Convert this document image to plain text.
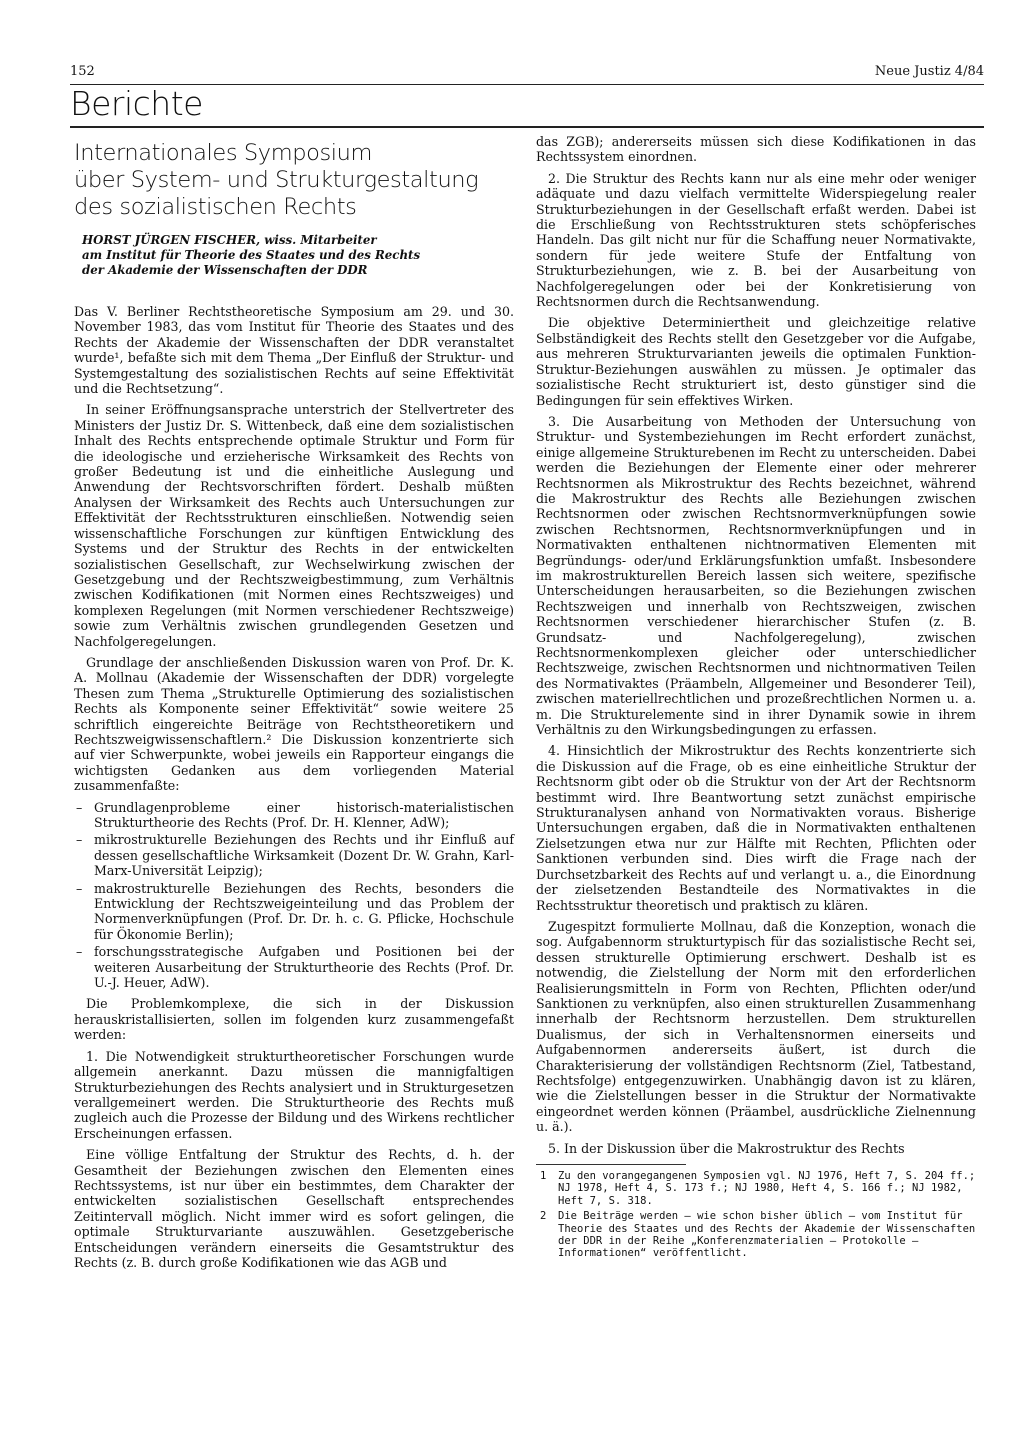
152	Neue Justiz 4/84
Berichte
Internationales Symposium
über System- und Strukturgestaltung
des sozialistischen Rechts
HORST JÜRGEN FISCHER, wiss. Mitarbeiter
am Institut für Theorie des Staates und des Rechts
der Akademie der Wissenschaften der DDR

Das V. Berliner Rechtstheoretische Symposium am 29. und 30. November 1983, das vom Institut für Theorie des Staates und des Rechts der Akademie der Wissenschaften der DDR veranstaltet wurde¹, befaßte sich mit dem Thema „Der Einfluß der Struktur- und Systemgestaltung des sozialistischen Rechts auf seine Effektivität und die Rechtsetzung“.

In seiner Eröffnungsansprache unterstrich der Stellvertreter des Ministers der Justiz Dr. S. Wittenbeck, daß eine dem sozialistischen Inhalt des Rechts entsprechende optimale Struktur und Form für die ideologische und erzieherische Wirksamkeit des Rechts von großer Bedeutung ist und die einheitliche Auslegung und Anwendung der Rechtsvorschriften fördert. Deshalb müßten Analysen der Wirksamkeit des Rechts auch Untersuchungen zur Effektivität der Rechtsstrukturen einschließen. Notwendig seien wissenschaftliche Forschungen zur künftigen Entwicklung des Systems und der Struktur des Rechts in der entwickelten sozialistischen Gesellschaft, zur Wechselwirkung zwischen der Gesetzgebung und der Rechtszweigbestimmung, zum Verhältnis zwischen Kodifikationen (mit Normen eines Rechtszweiges) und komplexen Regelungen (mit Normen verschiedener Rechtszweige) sowie zum Verhältnis zwischen grundlegenden Gesetzen und Nachfolgeregelungen.

Grundlage der anschließenden Diskussion waren von Prof. Dr. K. A. Mollnau (Akademie der Wissenschaften der DDR) vorgelegte Thesen zum Thema „Strukturelle Optimierung des sozialistischen Rechts als Komponente seiner Effektivität“ sowie weitere 25 schriftlich eingereichte Beiträge von Rechtstheoretikern und Rechtszweigwissenschaftlern.² Die Diskussion konzentrierte sich auf vier Schwerpunkte, wobei jeweils ein Rapporteur eingangs die wichtigsten Gedanken aus dem vorliegenden Material zusammenfaßte:

– Grundlagenprobleme einer historisch-materialistischen Strukturtheorie des Rechts (Prof. Dr. H. Klenner, AdW);
– mikrostrukturelle Beziehungen des Rechts und ihr Einfluß auf dessen gesellschaftliche Wirksamkeit (Dozent Dr. W. Grahn, Karl-Marx-Universität Leipzig);
– makrostrukturelle Beziehungen des Rechts, besonders die Entwicklung der Rechtszweigeinteilung und das Problem der Normenverknüpfungen (Prof. Dr. Dr. h. c. G. Pflicke, Hochschule für Ökonomie Berlin);
– forschungsstrategische Aufgaben und Positionen bei der weiteren Ausarbeitung der Strukturtheorie des Rechts (Prof. Dr. U.-J. Heuer, AdW).

Die Problemkomplexe, die sich in der Diskussion herauskristallisierten, sollen im folgenden kurz zusammengefaßt werden:

1. Die Notwendigkeit strukturtheoretischer Forschungen wurde allgemein anerkannt. Dazu müssen die mannigfaltigen Strukturbeziehungen des Rechts analysiert und in Strukturgesetzen verallgemeinert werden. Die Strukturtheorie des Rechts muß zugleich auch die Prozesse der Bildung und des Wirkens rechtlicher Erscheinungen erfassen.

Eine völlige Entfaltung der Struktur des Rechts, d. h. der Gesamtheit der Beziehungen zwischen den Elementen eines Rechtssystems, ist nur über ein bestimmtes, dem Charakter der entwickelten sozialistischen Gesellschaft entsprechendes Zeitintervall möglich. Nicht immer wird es sofort gelingen, die optimale Strukturvariante auszuwählen. Gesetzgeberische Entscheidungen verändern einerseits die Gesamtstruktur des Rechts (z. B. durch große Kodifikationen wie das AGB und

das ZGB); andererseits müssen sich diese Kodifikationen in das Rechtssystem einordnen.

2. Die Struktur des Rechts kann nur als eine mehr oder weniger adäquate und dazu vielfach vermittelte Widerspiegelung realer Strukturbeziehungen in der Gesellschaft erfaßt werden. Dabei ist die Erschließung von Rechtsstrukturen stets schöpferisches Handeln. Das gilt nicht nur für die Schaffung neuer Normativakte, sondern für jede weitere Stufe der Entfaltung von Strukturbeziehungen, wie z. B. bei der Ausarbeitung von Nachfolgeregelungen oder bei der Konkretisierung von Rechtsnormen durch die Rechtsanwendung.

Die objektive Determiniertheit und gleichzeitige relative Selbständigkeit des Rechts stellt den Gesetzgeber vor die Aufgabe, aus mehreren Strukturvarianten jeweils die optimalen Funktion-Struktur-Beziehungen auswählen zu müssen. Je optimaler das sozialistische Recht strukturiert ist, desto günstiger sind die Bedingungen für sein effektives Wirken.

3. Die Ausarbeitung von Methoden der Untersuchung von Struktur- und Systembeziehungen im Recht erfordert zunächst, einige allgemeine Strukturebenen im Recht zu unterscheiden. Dabei werden die Beziehungen der Elemente einer oder mehrerer Rechtsnormen als Mikrostruktur des Rechts bezeichnet, während die Makrostruktur des Rechts alle Beziehungen zwischen Rechtsnormen oder zwischen Rechtsnormverknüpfungen sowie zwischen Rechtsnormen, Rechtsnormverknüpfungen und in Normativakten enthaltenen nichtnormativen Elementen mit Begründungs- oder/und Erklärungsfunktion umfaßt. Insbesondere im makrostrukturellen Bereich lassen sich weitere, spezifische Unterscheidungen herausarbeiten, so die Beziehungen zwischen Rechtszweigen und innerhalb von Rechtszweigen, zwischen Rechtsnormen verschiedener hierarchischer Stufen (z. B. Grundsatz- und Nachfolgeregelung), zwischen Rechtsnormenkomplexen gleicher oder unterschiedlicher Rechtszweige, zwischen Rechtsnormen und nichtnormativen Teilen des Normativaktes (Präambeln, Allgemeiner und Besonderer Teil), zwischen materiellrechtlichen und prozeßrechtlichen Normen u. a. m. Die Strukturelemente sind in ihrer Dynamik sowie in ihrem Verhältnis zu den Wirkungsbedingungen zu erfassen.

4. Hinsichtlich der Mikrostruktur des Rechts konzentrierte sich die Diskussion auf die Frage, ob es eine einheitliche Struktur der Rechtsnorm gibt oder ob die Struktur von der Art der Rechtsnorm bestimmt wird. Ihre Beantwortung setzt zunächst empirische Strukturanalysen anhand von Normativakten voraus. Bisherige Untersuchungen ergaben, daß die in Normativakten enthaltenen Zielsetzungen etwa nur zur Hälfte mit Rechten, Pflichten oder Sanktionen verbunden sind. Dies wirft die Frage nach der Durchsetzbarkeit des Rechts auf und verlangt u. a., die Einordnung der zielsetzenden Bestandteile des Normativaktes in die Rechtsstruktur theoretisch und praktisch zu klären.

Zugespitzt formulierte Mollnau, daß die Konzeption, wonach die sog. Aufgabennorm strukturtypisch für das sozialistische Recht sei, dessen strukturelle Optimierung erschwert. Deshalb ist es notwendig, die Zielstellung der Norm mit den erforderlichen Realisierungsmitteln in Form von Rechten, Pflichten oder/und Sanktionen zu verknüpfen, also einen strukturellen Zusammenhang innerhalb der Rechtsnorm herzustellen. Dem strukturellen Dualismus, der sich in Verhaltensnormen einerseits und Aufgabennormen andererseits äußert, ist durch die Charakterisierung der vollständigen Rechtsnorm (Ziel, Tatbestand, Rechtsfolge) entgegenzuwirken. Unabhängig davon ist zu klären, wie die Zielstellungen besser in die Struktur der Normativakte eingeordnet werden können (Präambel, ausdrückliche Zielnennung u. ä.).

5. In der Diskussion über die Makrostruktur des Rechts

1 Zu den vorangegangenen Symposien vgl. NJ 1976, Heft 7, S. 204 ff.; NJ 1978, Heft 4, S. 173 f.; NJ 1980, Heft 4, S. 166 f.; NJ 1982, Heft 7, S. 318.
2 Die Beiträge werden – wie schon bisher üblich – vom Institut für Theorie des Staates und des Rechts der Akademie der Wissenschaften der DDR in der Reihe „Konferenzmaterialien – Protokolle – Informationen“ veröffentlicht.
